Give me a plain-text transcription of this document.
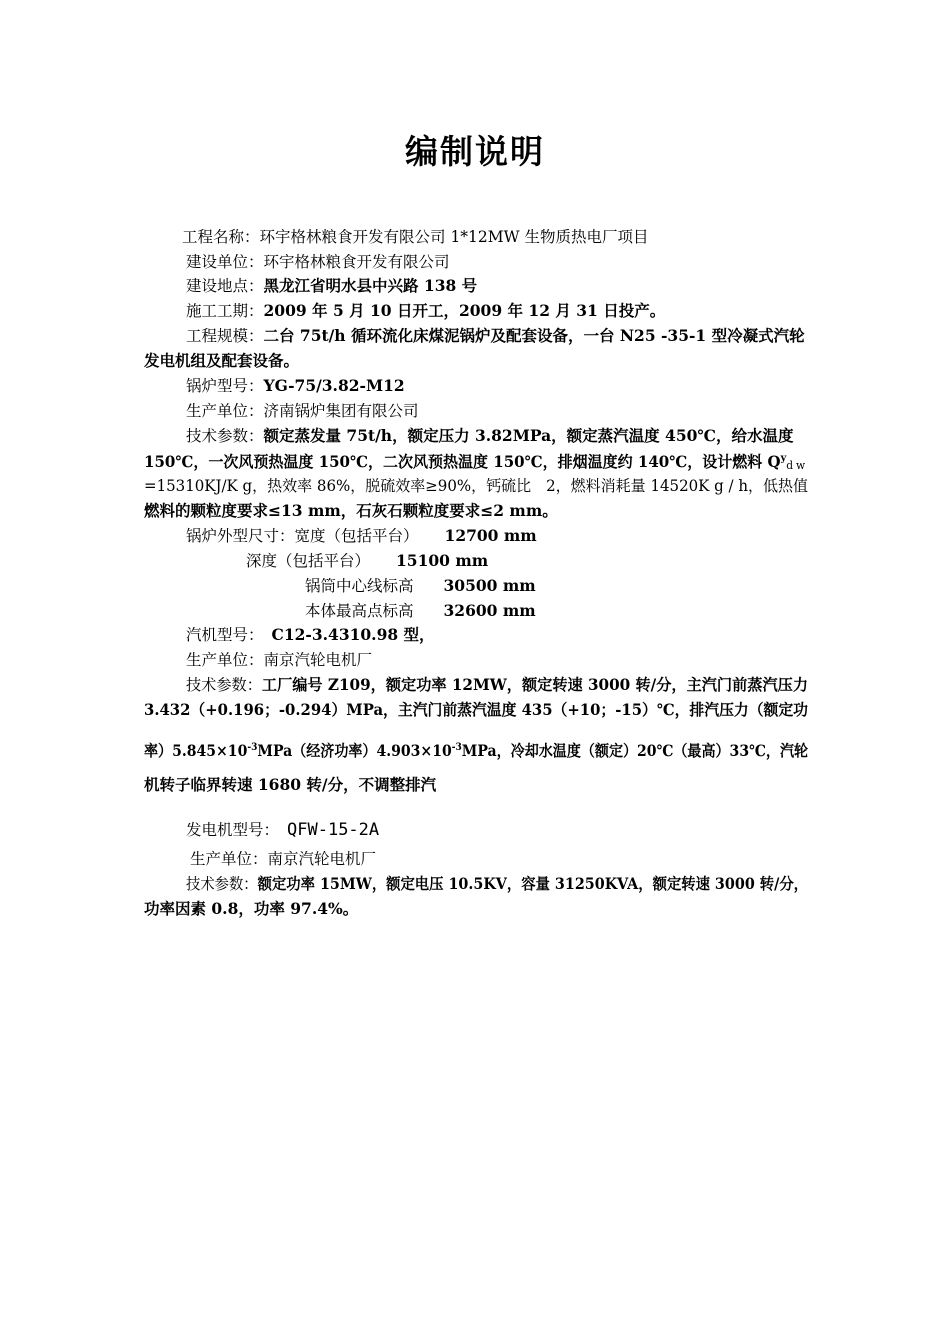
编制说明
工程名称：环宇格林粮食开发有限公司 1*12MW 生物质热电厂项目
建设单位：环宇格林粮食开发有限公司
建设地点：黑龙江省明水县中兴路 138 号
施工工期：2009 年 5 月 10 日开工，2009 年 12 月 31 日投产。
工程规模：二台 75t/h 循环流化床煤泥锅炉及配套设备，一台 N25 -35-1 型冷凝式汽轮
发电机组及配套设备。
锅炉型号：YG-75/3.82-M12
生产单位：济南锅炉集团有限公司
技术参数：额定蒸发量 75t/h，额定压力 3.82MPa，额定蒸汽温度 450℃，给水温度
150℃，一次风预热温度 150℃，二次风预热温度 150℃，排烟温度约 140℃，设计燃料 $Q^ydw$
=15310KJ/K g，热效率 86%，脱硫效率≥90%，钙硫比　2，燃料消耗量 14520K g / h，低热值
燃料的颗粒度要求≤13 mm，石灰石颗粒度要求≤2 mm。
锅炉外型尺寸：宽度（包括平台） 12700 mm
深度（包括平台） 15100 mm
锅筒中心线标高 30500 mm
本体最高点标高 32600 mm
汽机型号： C12-3.4310.98 型，
生产单位：南京汽轮电机厂
技术参数：工厂编号 Z109，额定功率 12MW，额定转速 3000 转/分，主汽门前蒸汽压力
3.432（+0.196；-0.294）MPa，主汽门前蒸汽温度 435（+10；-15）℃，排汽压力（额定功
率）$5.845\times 10^{-3}MPa$（经济功率）$4.903\times 10^{-3}MPa$，冷却水温度（额定）20℃（最高）33℃，汽轮
机转子临界转速 1680 转/分，不调整排汽
发电机型号： QFW-15-2A
生产单位：南京汽轮电机厂
技术参数：额定功率 15MW，额定电压 10.5KV，容量 31250KVA，额定转速 3000 转/分，
功率因素 0.8，功率 97.4%。
